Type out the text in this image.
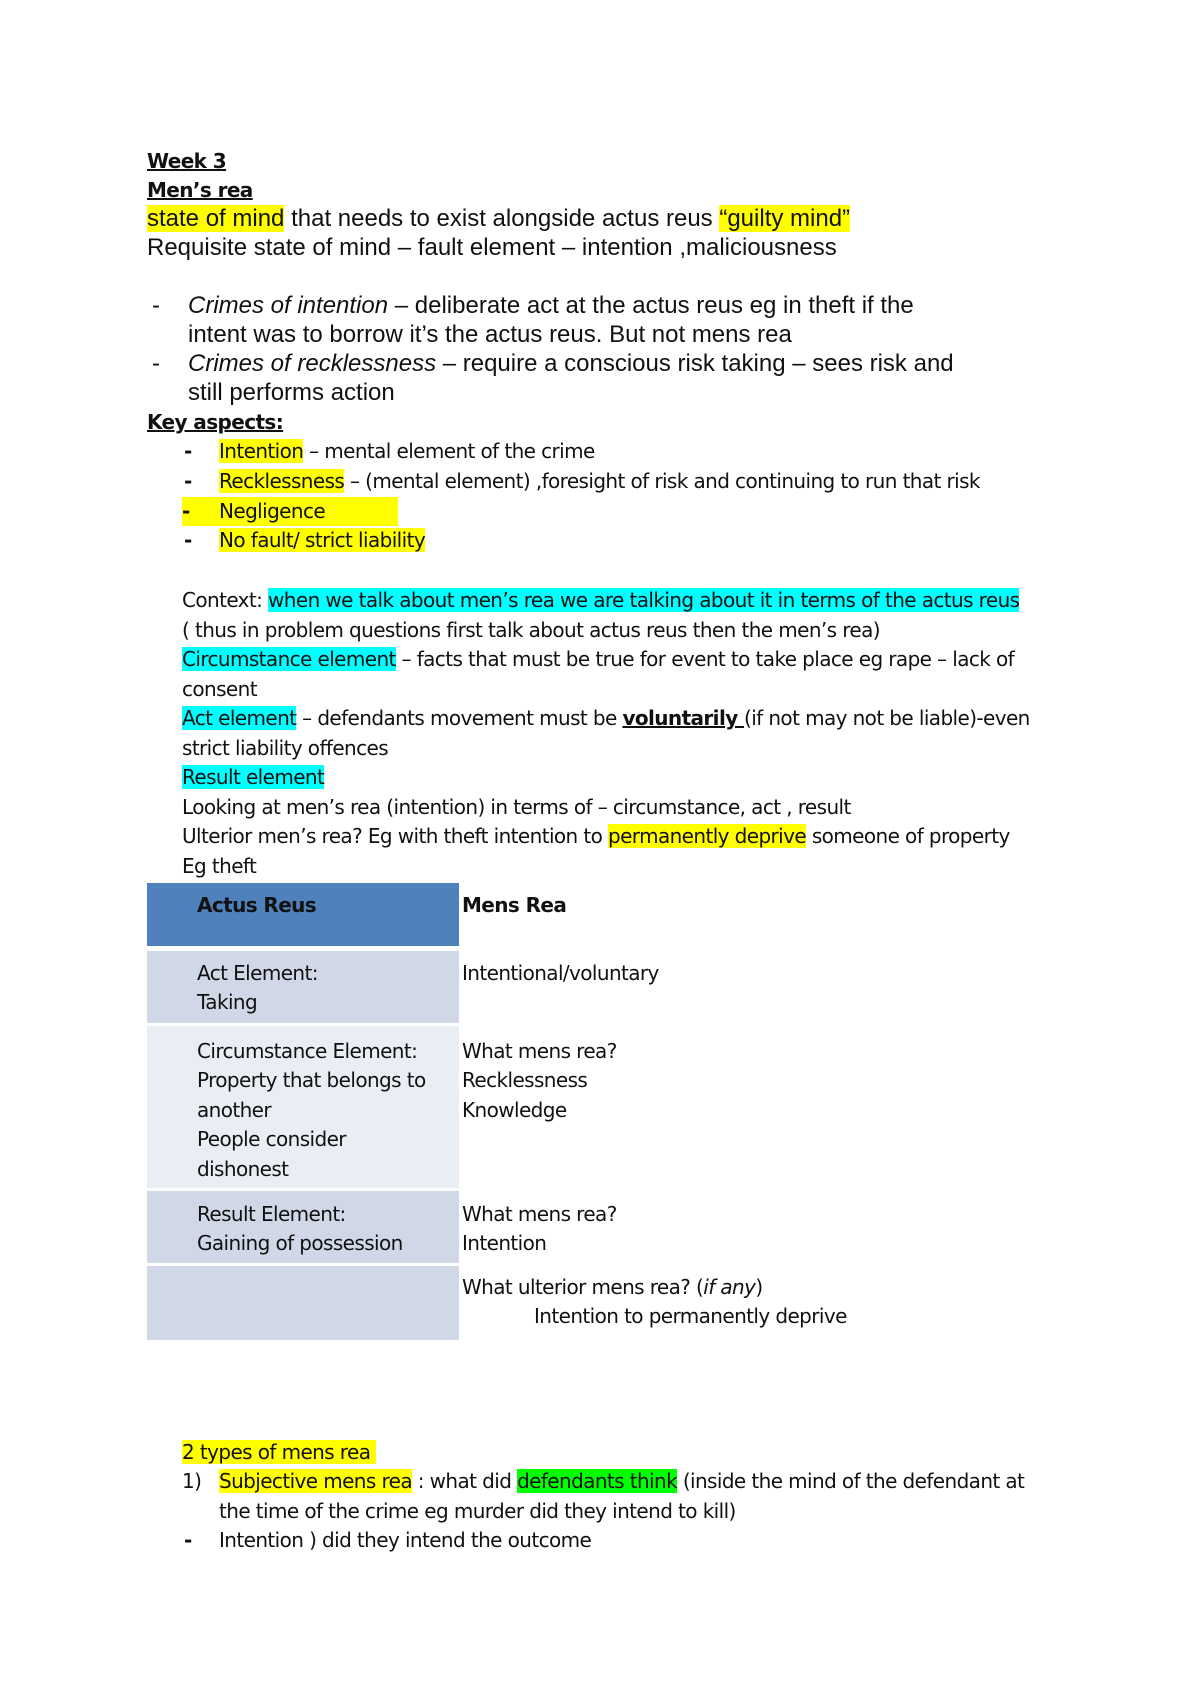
Week 3
Men’s rea
state of mind that needs to exist alongside actus reus “guilty mind”
Requisite state of mind – fault element – intention ,maliciousness
- Crimes of intention – deliberate act at the actus reus eg in theft if the
intent was to borrow it’s the actus reus. But not mens rea
- Crimes of recklessness – require a conscious risk taking – sees risk and
still performs action
Key aspects:
- Intention – mental element of the crime
- Recklessness – (mental element) ,foresight of risk and continuing to run that risk
- Negligence
- No fault/ strict liability
Context: when we talk about men’s rea we are talking about it in terms of the actus reus
( thus in problem questions first talk about actus reus then the men’s rea)
Circumstance element – facts that must be true for event to take place eg rape – lack of
consent
Act element – defendants movement must be voluntarily (if not may not be liable)-even
strict liability offences
Result element
Looking at men’s rea (intention) in terms of – circumstance, act , result
Ulterior men’s rea? Eg with theft intention to permanently deprive someone of property
Eg theft
Actus Reus	Mens Rea
Act Element:
Taking
Intentional/voluntary
Circumstance Element:
Property that belongs to
another
People consider
dishonest
What mens rea?
Recklessness
Knowledge
Result Element:
Gaining of possession
What mens rea?
Intention
What ulterior mens rea? (if any)
Intention to permanently deprive
2 types of mens rea
1) Subjective mens rea : what did defendants think (inside the mind of the defendant at
the time of the crime eg murder did they intend to kill)
- Intention ) did they intend the outcome
